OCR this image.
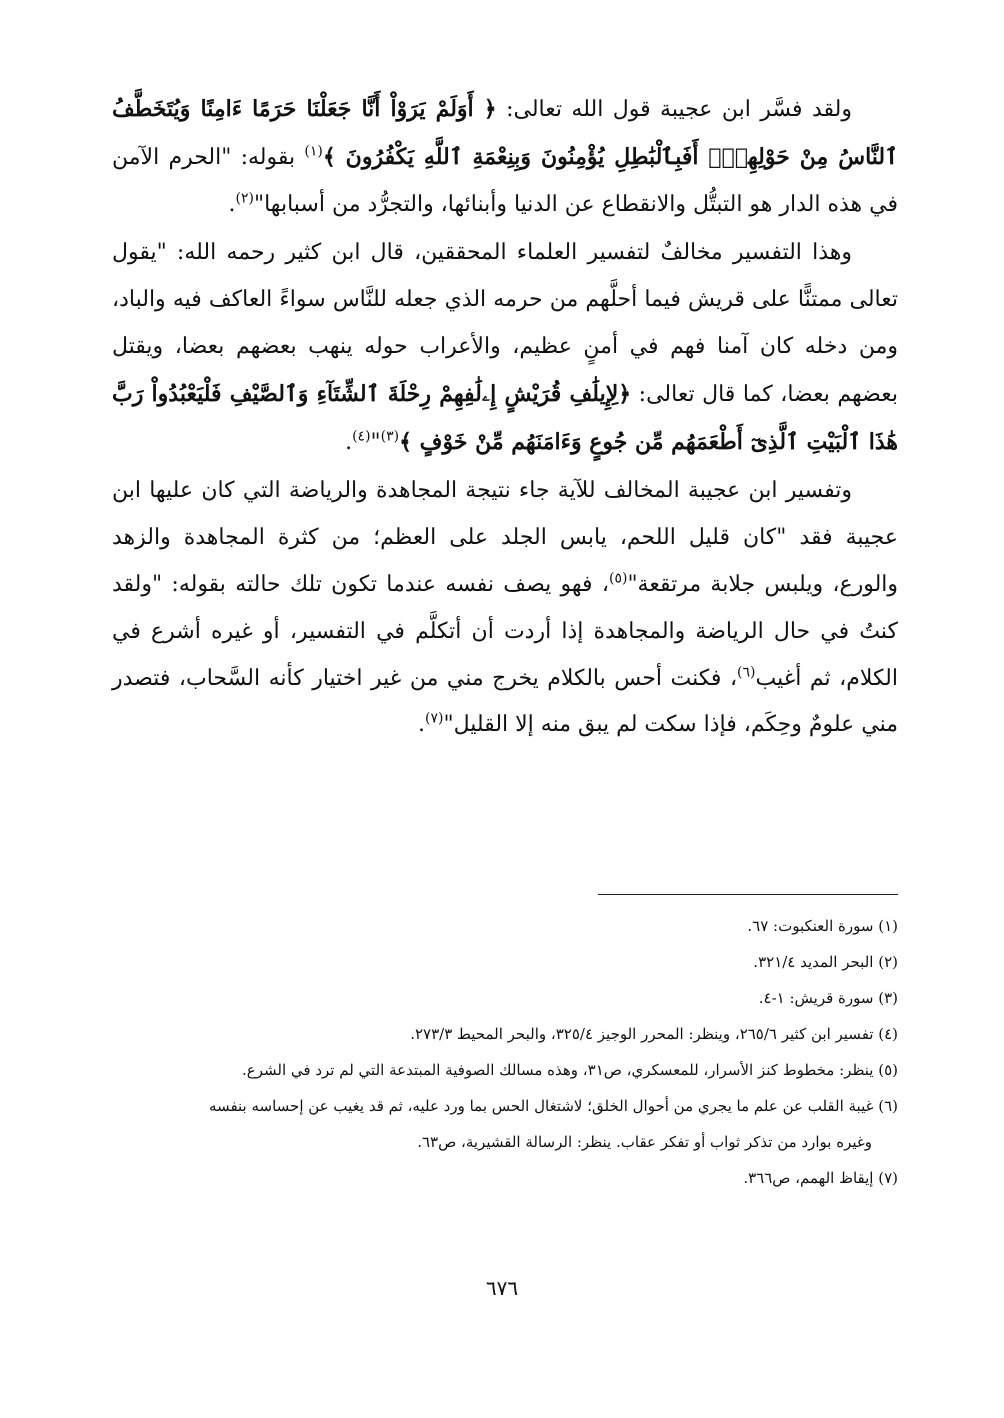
ولقد فسَّر ابن عجيبة قول الله تعالى: ﴿ أَوَلَمْ يَرَوْاْ أَنَّا جَعَلْنَا حَرَمًا ءَامِنًا وَيُتَخَطَّفُ ٱلنَّاسُ مِنْ حَوْلِهِمْۚ أَفَبِٱلْبَٰطِلِ يُؤْمِنُونَ وَبِنِعْمَةِ ٱللَّهِ يَكْفُرُونَ ﴾$^{(١)}$ بقوله: "الحرم الآمن في هذه الدار هو التبتُّل والانقطاع عن الدنيا وأبنائها، والتجرُّد من أسبابها"$^{(٢)}$.

وهذا التفسير مخالفٌ لتفسير العلماء المحققين، قال ابن كثير رحمه الله: "يقول تعالى ممتنًّا على قريش فيما أحلَّهم من حرمه الذي جعله للنَّاس سواءً العاكف فيه والباد، ومن دخله كان آمنا فهم في أمنٍ عظيم، والأعراب حوله ينهب بعضهم بعضا، ويقتل بعضهم بعضا، كما قال تعالى: ﴿لِإِيلَٰفِ قُرَيْشٍ إِۦلَٰفِهِمْ رِحْلَةَ ٱلشِّتَآءِ وَٱلصَّيْفِ فَلْيَعْبُدُواْ رَبَّ هَٰذَا ٱلْبَيْتِ ٱلَّذِىٓ أَطْعَمَهُم مِّن جُوعٍ وَءَامَنَهُم مِّنْ خَوْفٍ ﴾$^{(٣)}$"$^{(٤)}$.

وتفسير ابن عجيبة المخالف للآية جاء نتيجة المجاهدة والرياضة التي كان عليها ابن عجيبة فقد "كان قليل اللحم، يابس الجلد على العظم؛ من كثرة المجاهدة والزهد والورع، ويلبس جلابة مرتقعة"$^{(٥)}$، فهو يصف نفسه عندما تكون تلك حالته بقوله: "ولقد كنتُ في حال الرياضة والمجاهدة إذا أردت أن أتكلَّم في التفسير، أو غيره أشرع في الكلام، ثم أغيب$^{(٦)}$، فكنت أحس بالكلام يخرج مني من غير اختيار كأنه السَّحاب، فتصدر مني علومٌ وحِكَم، فإذا سكت لم يبق منه إلا القليل"$^{(٧)}$.

(١) سورة العنكبوت: ٦٧.

(٢) البحر المديد ٣٢١/٤.

(٣) سورة قريش: ١-٤.

(٤) تفسير ابن كثير ٢٦٥/٦، وينظر: المحرر الوجيز ٣٢٥/٤، والبحر المحيط ٢٧٣/٣.

(٥) ينظر: مخطوط كنز الأسرار، للمعسكري، ص٣١، وهذه مسالك الصوفية المبتدعة التي لم ترد في الشرع.

(٦) غيبة القلب عن علم ما يجري من أحوال الخلق؛ لاشتغال الحس بما ورد عليه، ثم قد يغيب عن إحساسه بنفسه

وغيره بوارد من تذكر ثواب أو تفكر عقاب. ينظر: الرسالة القشيرية، ص٦٣.

(٧) إيقاظ الهمم، ص٣٦٦.

٦٧٦
